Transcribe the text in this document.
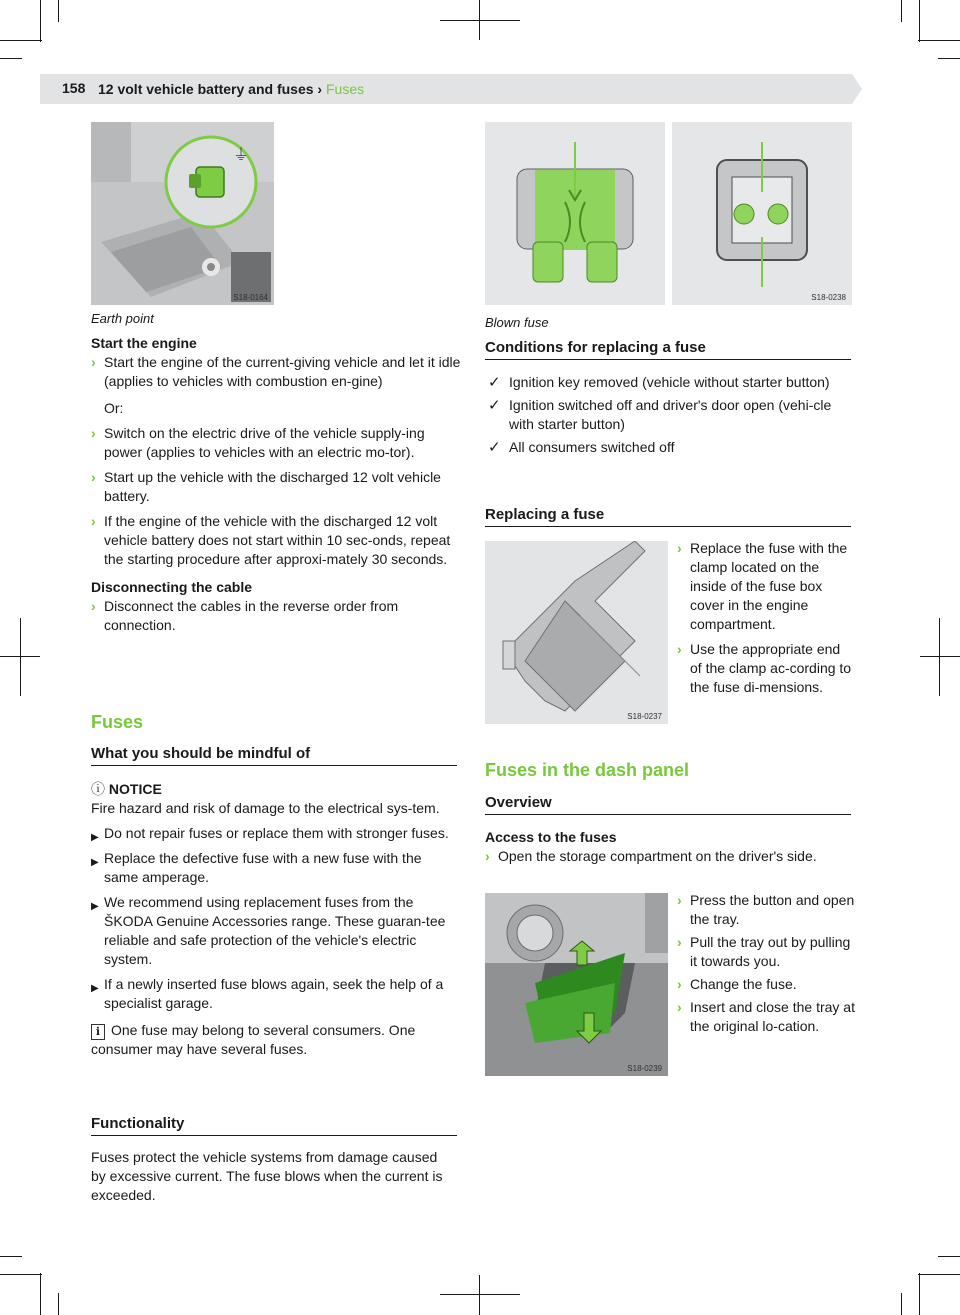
158 12 volt vehicle battery and fuses › Fuses
⏚
S18-0164	S18-0238
Earth point
Start the engine
› Start the engine of the current-giving vehicle and let it idle (applies to vehicles with combustion en-gine)
Or:
› Switch on the electric drive of the vehicle supply-ing power (applies to vehicles with an electric mo-tor).
› Start up the vehicle with the discharged 12 volt vehicle battery.
› If the engine of the vehicle with the discharged 12 volt vehicle battery does not start within 10 sec-onds, repeat the starting procedure after approxi-mately 30 seconds.
Disconnecting the cable
› Disconnect the cables in the reverse order from connection.
Fuses
What you should be mindful of
ⓘ NOTICE
Fire hazard and risk of damage to the electrical sys-tem.
▶ Do not repair fuses or replace them with stronger fuses.
▶ Replace the defective fuse with a new fuse with the same amperage.
▶ We recommend using replacement fuses from the ŠKODA Genuine Accessories range. These guaran-tee reliable and safe protection of the vehicle's electric system.
▶ If a newly inserted fuse blows again, seek the help of a specialist garage.
ℹ One fuse may belong to several consumers. One consumer may have several fuses.
Functionality
Fuses protect the vehicle systems from damage caused by excessive current. The fuse blows when the current is exceeded.
Blown fuse
Conditions for replacing a fuse
✓ Ignition key removed (vehicle without starter button)
✓ Ignition switched off and driver's door open (vehi-cle with starter button)
✓ All consumers switched off
Replacing a fuse
S18-0237
› Replace the fuse with the clamp located on the inside of the fuse box cover in the engine compartment.
› Use the appropriate end of the clamp ac-cording to the fuse di-mensions.
Fuses in the dash panel
Overview
Access to the fuses
› Open the storage compartment on the driver's side.
S18-0239
› Press the button and open the tray.
› Pull the tray out by pulling it towards you.
› Change the fuse.
› Insert and close the tray at the original lo-cation.
